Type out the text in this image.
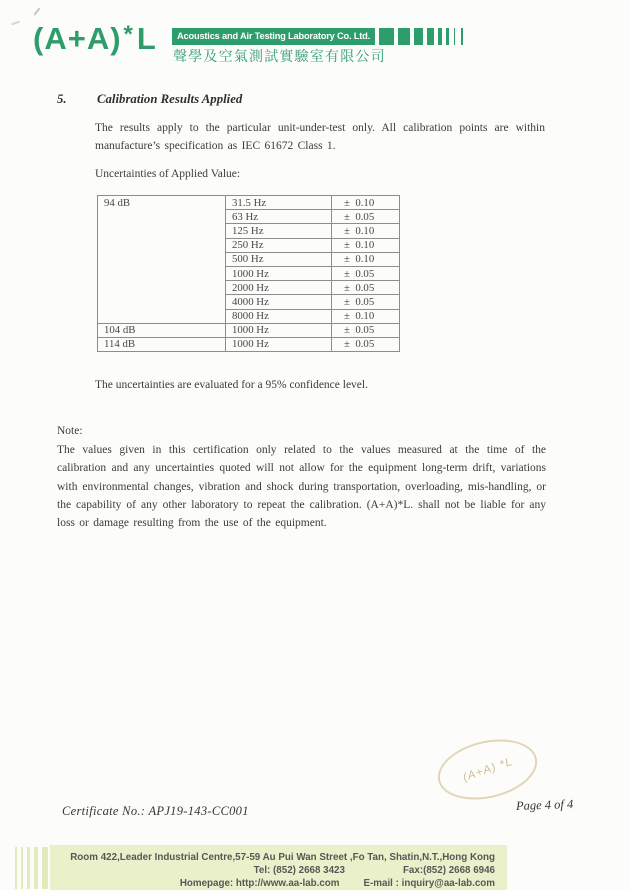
(A+A)*L	Acoustics and Air Testing Laboratory Co. Ltd.
聲學及空氣測試實驗室有限公司
5.	Calibration Results Applied
The results apply to the particular unit-under-test only. All calibration points are within manufacture’s specification as IEC 61672 Class 1.
Uncertainties of Applied Value:
94 dB	31.5 Hz	±  0.10
	63 Hz	±  0.05
	125 Hz	±  0.10
	250 Hz	±  0.10
	500 Hz	±  0.10
	1000 Hz	±  0.05
	2000 Hz	±  0.05
	4000 Hz	±  0.05
	8000 Hz	±  0.10
104 dB	1000 Hz	±  0.05
114 dB	1000 Hz	±  0.05
The uncertainties are evaluated for a 95% confidence level.
Note:
The values given in this certification only related to the values measured at the time of the calibration and any uncertainties quoted will not allow for the equipment long-term drift, variations with environmental changes, vibration and shock during transportation, overloading, mis-handling, or the capability of any other laboratory to repeat the calibration. (A+A)*L. shall not be liable for any loss or damage resulting from the use of the equipment.
(A+A) *L
Certificate No.: APJ19-143-CC001	Page 4 of 4
Room 422,Leader Industrial Centre,57-59 Au Pui Wan Street ,Fo Tan, Shatin,N.T.,Hong Kong
Tel: (852) 2668 3423	Fax:(852) 2668 6946
Homepage: http://www.aa-lab.com E-mail : inquiry@aa-lab.com
